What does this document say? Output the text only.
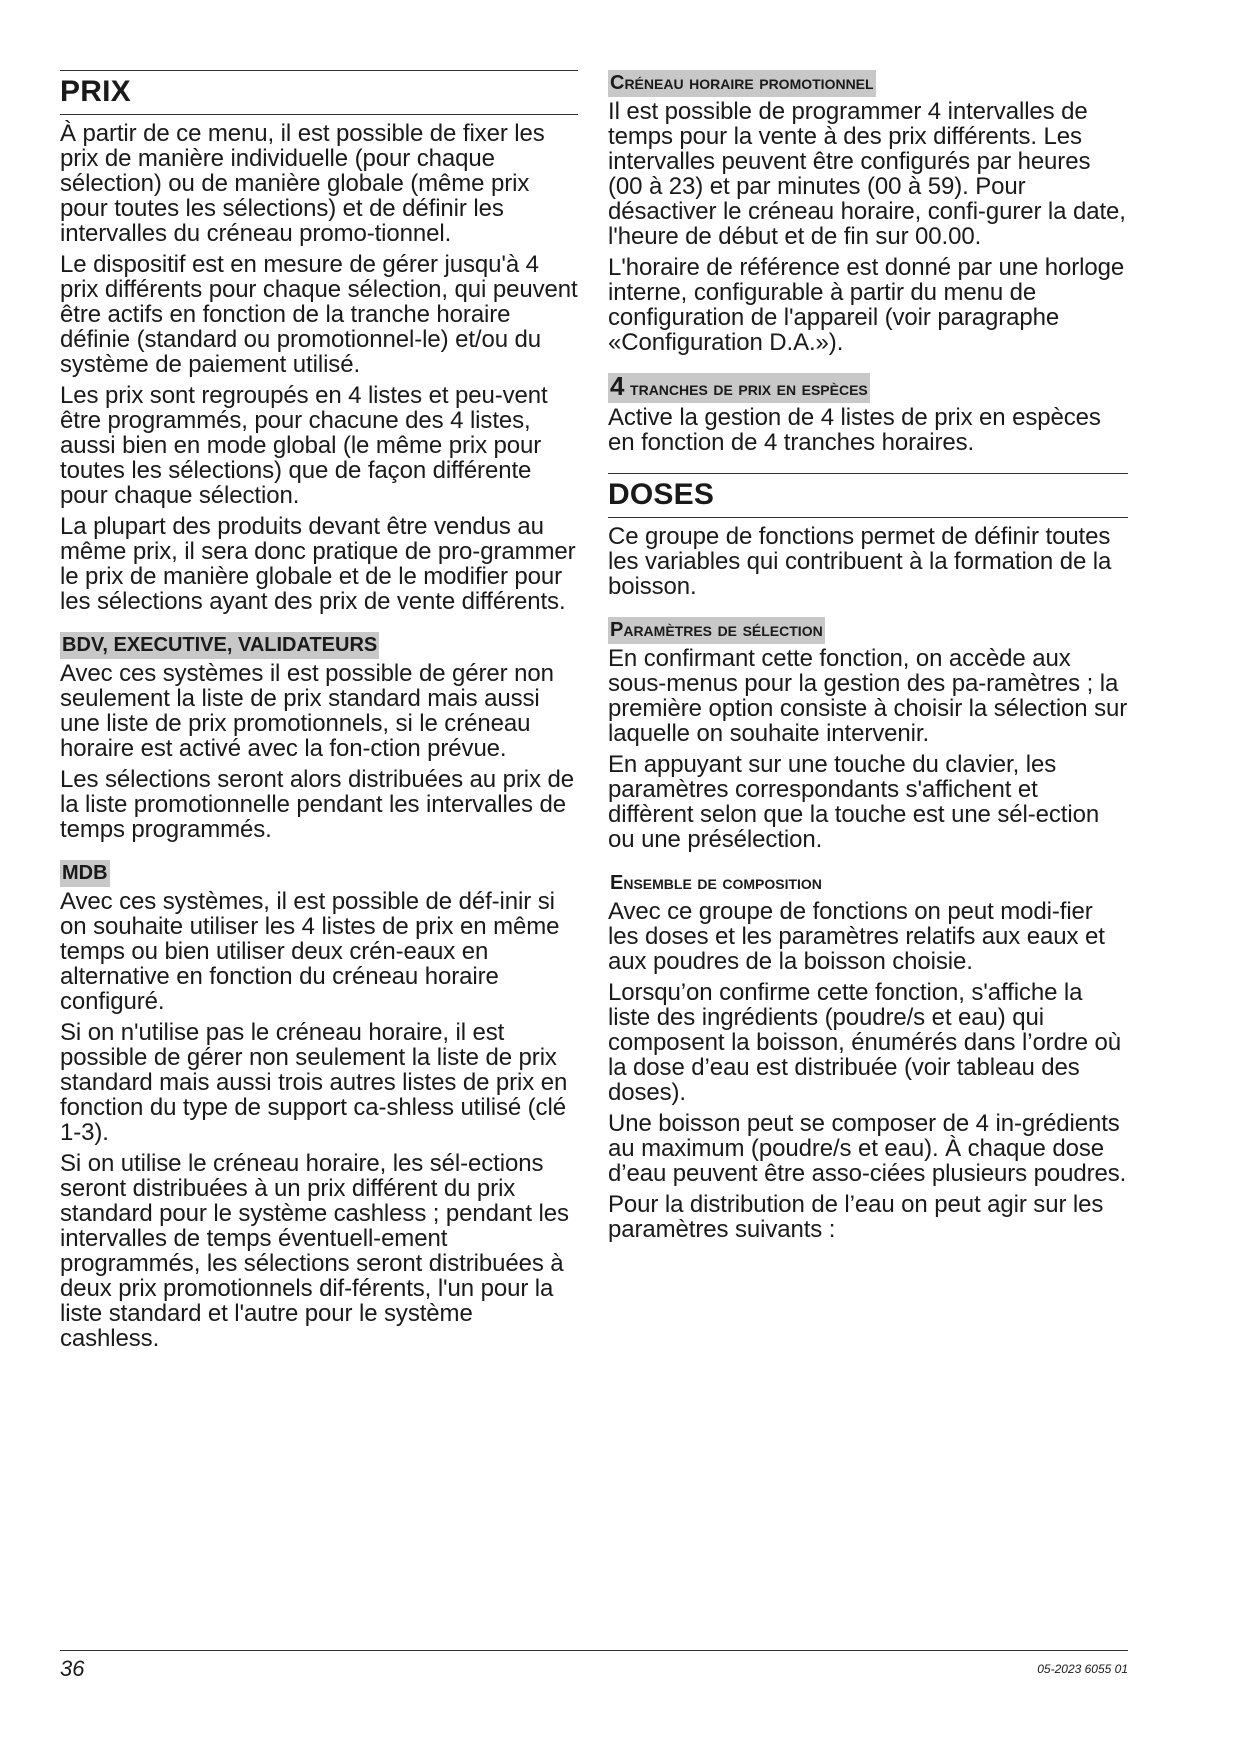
PRIX

À partir de ce menu, il est possible de fixer les prix de manière individuelle (pour chaque sélection) ou de manière globale (même prix pour toutes les sélections) et de définir les intervalles du créneau promo-tionnel.

Le dispositif est en mesure de gérer jusqu'à 4 prix différents pour chaque sélection, qui peuvent être actifs en fonction de la tranche horaire définie (standard ou promotionnel-le) et/ou du système de paiement utilisé.

Les prix sont regroupés en 4 listes et peu-vent être programmés, pour chacune des 4 listes, aussi bien en mode global (le même prix pour toutes les sélections) que de façon différente pour chaque sélection.

La plupart des produits devant être vendus au même prix, il sera donc pratique de pro-grammer le prix de manière globale et de le modifier pour les sélections ayant des prix de vente différents.

BDV, EXECUTIVE, VALIDATEURS

Avec ces systèmes il est possible de gérer non seulement la liste de prix standard mais aussi une liste de prix promotionnels, si le créneau horaire est activé avec la fon-ction prévue.

Les sélections seront alors distribuées au prix de la liste promotionnelle pendant les intervalles de temps programmés.

MDB

Avec ces systèmes, il est possible de déf-inir si on souhaite utiliser les 4 listes de prix en même temps ou bien utiliser deux crén-eaux en alternative en fonction du créneau horaire configuré.

Si on n'utilise pas le créneau horaire, il est possible de gérer non seulement la liste de prix standard mais aussi trois autres listes de prix en fonction du type de support ca-shless utilisé (clé 1-3).

Si on utilise le créneau horaire, les sél-ections seront distribuées à un prix différent du prix standard pour le système cashless ; pendant les intervalles de temps éventuell-ement programmés, les sélections seront distribuées à deux prix promotionnels dif-férents, l'un pour la liste standard et l'autre pour le système cashless.

Créneau horaire promotionnel

Il est possible de programmer 4 intervalles de temps pour la vente à des prix différents. Les intervalles peuvent être configurés par heures (00 à 23) et par minutes (00 à 59). Pour désactiver le créneau horaire, confi-gurer la date, l'heure de début et de fin sur 00.00.

L'horaire de référence est donné par une horloge interne, configurable à partir du menu de configuration de l'appareil (voir paragraphe «Configuration D.A.»).

4 tranches de prix en espèces

Active la gestion de 4 listes de prix en espèces en fonction de 4 tranches horaires.

DOSES

Ce groupe de fonctions permet de définir toutes les variables qui contribuent à la formation de la boisson.

Paramètres de sélection

En confirmant cette fonction, on accède aux sous-menus pour la gestion des pa-ramètres ; la première option consiste à choisir la sélection sur laquelle on souhaite intervenir.

En appuyant sur une touche du clavier, les paramètres correspondants s'affichent et diffèrent selon que la touche est une sél-ection ou une présélection.

Ensemble de composition

Avec ce groupe de fonctions on peut modi-fier les doses et les paramètres relatifs aux eaux et aux poudres de la boisson choisie.

Lorsqu’on confirme cette fonction, s'affiche la liste des ingrédients (poudre/s et eau) qui composent la boisson, énumérés dans l’ordre où la dose d’eau est distribuée (voir tableau des doses).

Une boisson peut se composer de 4 in-grédients au maximum (poudre/s et eau). À chaque dose d’eau peuvent être asso-ciées plusieurs poudres.

Pour la distribution de l’eau on peut agir sur les paramètres suivants :

36	05-2023 6055 01
